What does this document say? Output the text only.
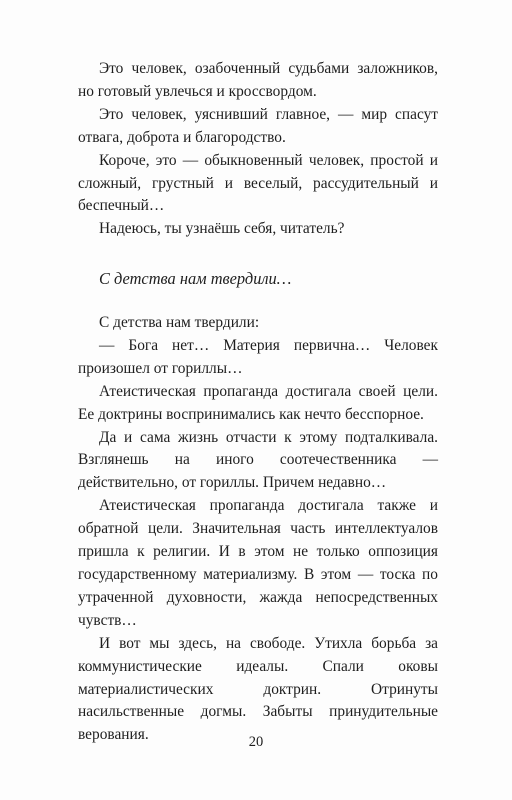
Это человек, озабоченный судьбами заложников, но готовый увлечься и кроссвордом.

Это человек, уяснивший главное, — мир спасут отвага, доброта и благородство.

Короче, это — обыкновенный человек, простой и сложный, грустный и веселый, рассудительный и беспечный…

Надеюсь, ты узнаёшь себя, читатель?

С детства нам твердили…

С детства нам твердили:

— Бога нет… Материя первична… Человек произошел от гориллы…

Атеистическая пропаганда достигала своей цели. Ее доктрины воспринимались как нечто бесспорное.

Да и сама жизнь отчасти к этому подталкивала. Взглянешь на иного соотечественника — действительно, от гориллы. Причем недавно…

Атеистическая пропаганда достигала также и обратной цели. Значительная часть интеллектуалов пришла к религии. И в этом не только оппозиция государственному материализму. В этом — тоска по утраченной духовности, жажда непосредственных чувств…

И вот мы здесь, на свободе. Утихла борьба за коммунистические идеалы. Спали оковы материалистических доктрин. Отринуты насильственные догмы. Забыты принудительные верования.	20
